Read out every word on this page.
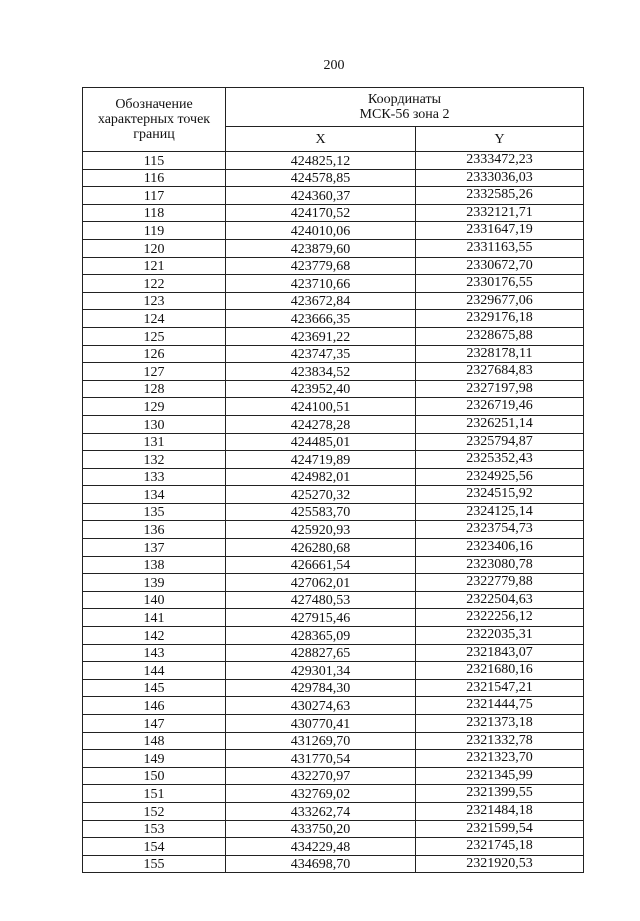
200
Обозначение
характерных точек
границ	Координаты
МСК-56 зона 2	

	X	Y
115	424825,12	2333472,23
116	424578,85	2333036,03
117	424360,37	2332585,26
118	424170,52	2332121,71
119	424010,06	2331647,19
120	423879,60	2331163,55
121	423779,68	2330672,70
122	423710,66	2330176,55
123	423672,84	2329677,06
124	423666,35	2329176,18
125	423691,22	2328675,88
126	423747,35	2328178,11
127	423834,52	2327684,83
128	423952,40	2327197,98
129	424100,51	2326719,46
130	424278,28	2326251,14
131	424485,01	2325794,87
132	424719,89	2325352,43
133	424982,01	2324925,56
134	425270,32	2324515,92
135	425583,70	2324125,14
136	425920,93	2323754,73
137	426280,68	2323406,16
138	426661,54	2323080,78
139	427062,01	2322779,88
140	427480,53	2322504,63
141	427915,46	2322256,12
142	428365,09	2322035,31
143	428827,65	2321843,07
144	429301,34	2321680,16
145	429784,30	2321547,21
146	430274,63	2321444,75
147	430770,41	2321373,18
148	431269,70	2321332,78
149	431770,54	2321323,70
150	432270,97	2321345,99
151	432769,02	2321399,55
152	433262,74	2321484,18
153	433750,20	2321599,54
154	434229,48	2321745,18
155	434698,70	2321920,53
